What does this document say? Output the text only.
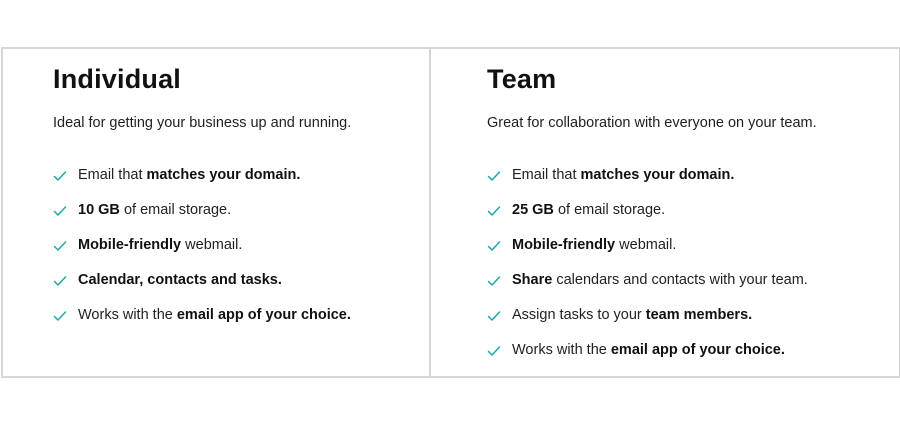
Individual

Ideal for getting your business up and running.

Email that matches your domain.
10 GB of email storage.
Mobile-friendly webmail.
Calendar, contacts and tasks.
Works with the email app of your choice.
Team

Great for collaboration with everyone on your team.

Email that matches your domain.
25 GB of email storage.
Mobile-friendly webmail.
Share calendars and contacts with your team.
Assign tasks to your team members.
Works with the email app of your choice.
